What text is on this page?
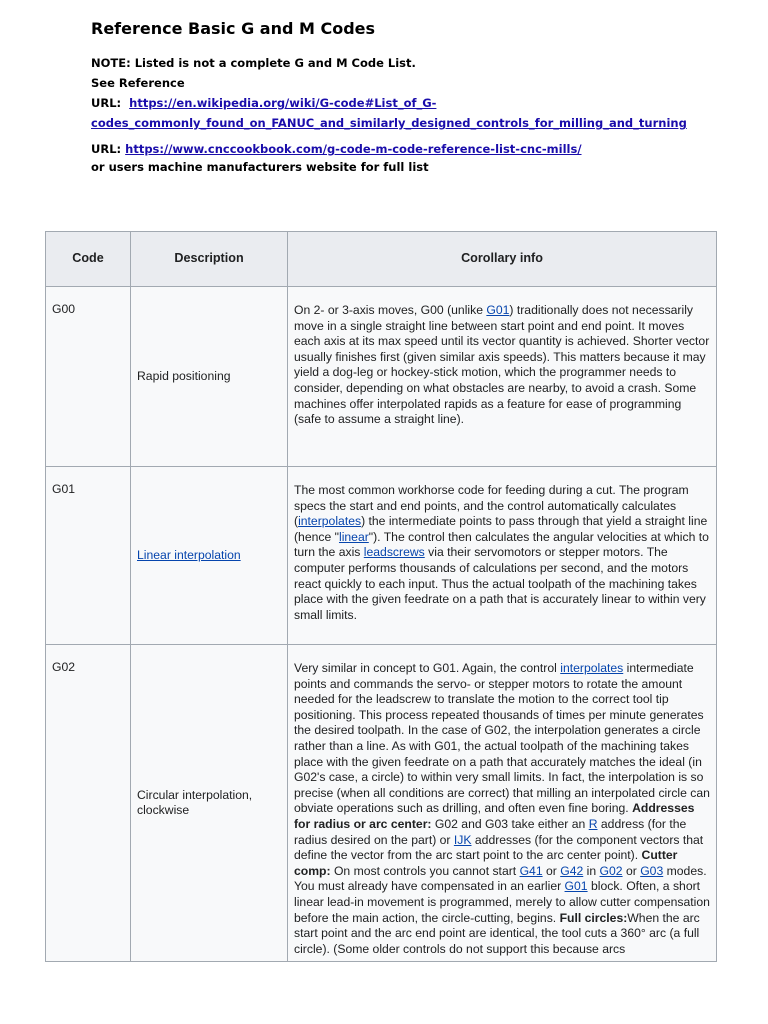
Reference Basic G and M Codes
NOTE: Listed is not a complete G and M Code List.
See Reference
URL: https://en.wikipedia.org/wiki/G-code#List_of_G-
codes_commonly_found_on_FANUC_and_similarly_designed_controls_for_milling_and_turning
URL: https://www.cnccookbook.com/g-code-m-code-reference-list-cnc-mills/
or users machine manufacturers website for full list
Code	Description	Corollary info
G00	Rapid positioning	On 2- or 3-axis moves, G00 (unlike G01) traditionally does not necessarily move in a single straight line between start point and end point. It moves each axis at its max speed until its vector quantity is achieved. Shorter vector usually finishes first (given similar axis speeds). This matters because it may yield a dog-leg or hockey-stick motion, which the programmer needs to consider, depending on what obstacles are nearby, to avoid a crash. Some machines offer interpolated rapids as a feature for ease of programming (safe to assume a straight line).
G01	Linear interpolation	The most common workhorse code for feeding during a cut. The program specs the start and end points, and the control automatically calculates (interpolates) the intermediate points to pass through that yield a straight line (hence "linear"). The control then calculates the angular velocities at which to turn the axis leadscrews via their servomotors or stepper motors. The computer performs thousands of calculations per second, and the motors react quickly to each input. Thus the actual toolpath of the machining takes place with the given feedrate on a path that is accurately linear to within very small limits.
G02	Circular interpolation, clockwise	Very similar in concept to G01. Again, the control interpolates intermediate points and commands the servo- or stepper motors to rotate the amount needed for the leadscrew to translate the motion to the correct tool tip positioning. This process repeated thousands of times per minute generates the desired toolpath. In the case of G02, the interpolation generates a circle rather than a line. As with G01, the actual toolpath of the machining takes place with the given feedrate on a path that accurately matches the ideal (in G02's case, a circle) to within very small limits. In fact, the interpolation is so precise (when all conditions are correct) that milling an interpolated circle can obviate operations such as drilling, and often even fine boring. Addresses for radius or arc center: G02 and G03 take either an R address (for the radius desired on the part) or IJK addresses (for the component vectors that define the vector from the arc start point to the arc center point). Cutter comp: On most controls you cannot start G41 or G42 in G02 or G03 modes. You must already have compensated in an earlier G01 block. Often, a short linear lead-in movement is programmed, merely to allow cutter compensation before the main action, the circle-cutting, begins. Full circles:When the arc start point and the arc end point are identical, the tool cuts a 360° arc (a full circle). (Some older controls do not support this because arcs
